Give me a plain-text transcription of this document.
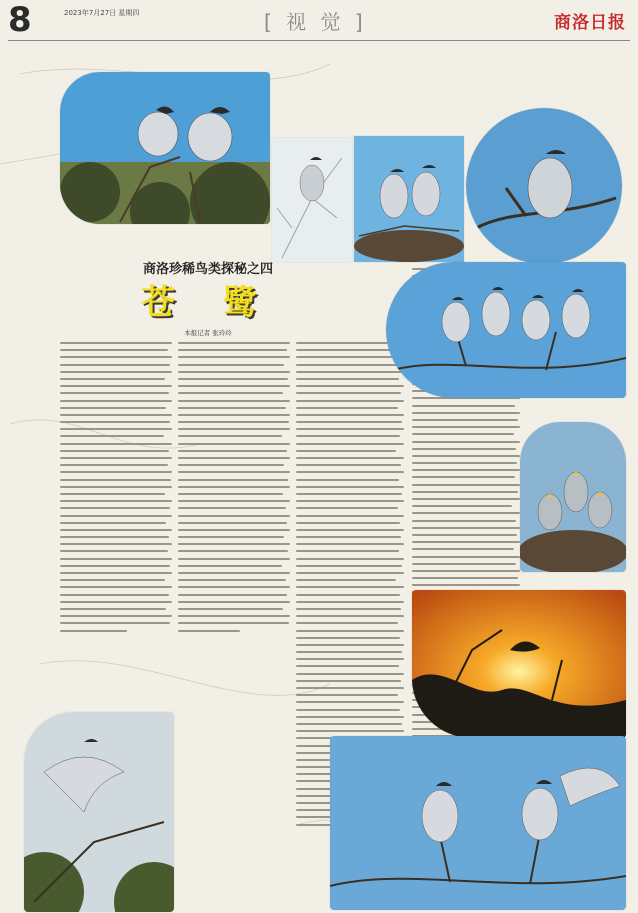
8	2023年7月27日 星期四	[ 视 觉 ]	商洛日报
商洛珍稀鸟类探秘之四
苍 鹭
本报记者 张玲玲
